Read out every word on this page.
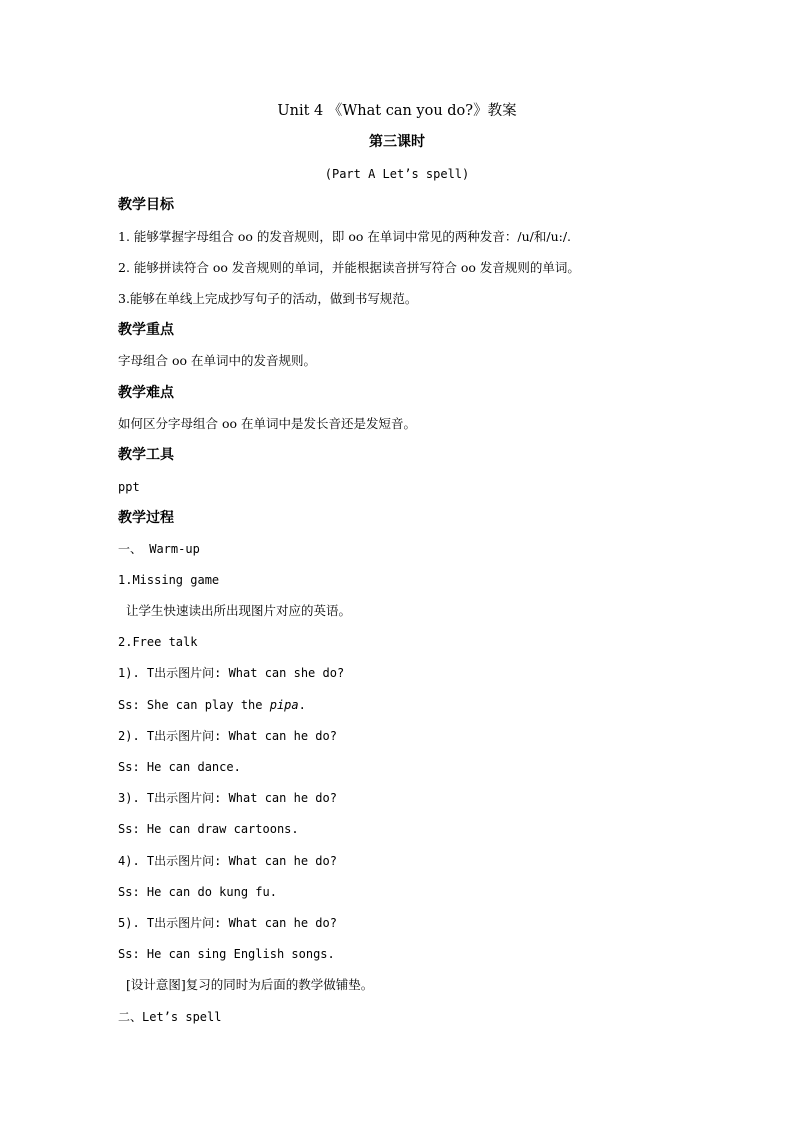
Unit 4 《What can you do?》教案
第三课时
(Part A Let’s spell)
教学目标
1. 能够掌握字母组合 oo 的发音规则，即 oo 在单词中常见的两种发音：/u/和/u:/.
2. 能够拼读符合 oo 发音规则的单词，并能根据读音拼写符合 oo 发音规则的单词。
3.能够在单线上完成抄写句子的活动，做到书写规范。
教学重点
字母组合 oo 在单词中的发音规则。
教学难点
如何区分字母组合 oo 在单词中是发长音还是发短音。
教学工具
ppt
教学过程
一、 Warm-up
1.Missing game
让学生快速读出所出现图片对应的英语。
2.Free talk
1). T出示图片问: What can she do?
Ss: She can play the pipa.
2). T出示图片问: What can he do?
Ss: He can dance.
3). T出示图片问: What can he do?
Ss: He can draw cartoons.
4). T出示图片问: What can he do?
Ss: He can do kung fu.
5). T出示图片问: What can he do?
Ss: He can sing English songs.
[设计意图]复习的同时为后面的教学做铺垫。
二、Let’s spell
